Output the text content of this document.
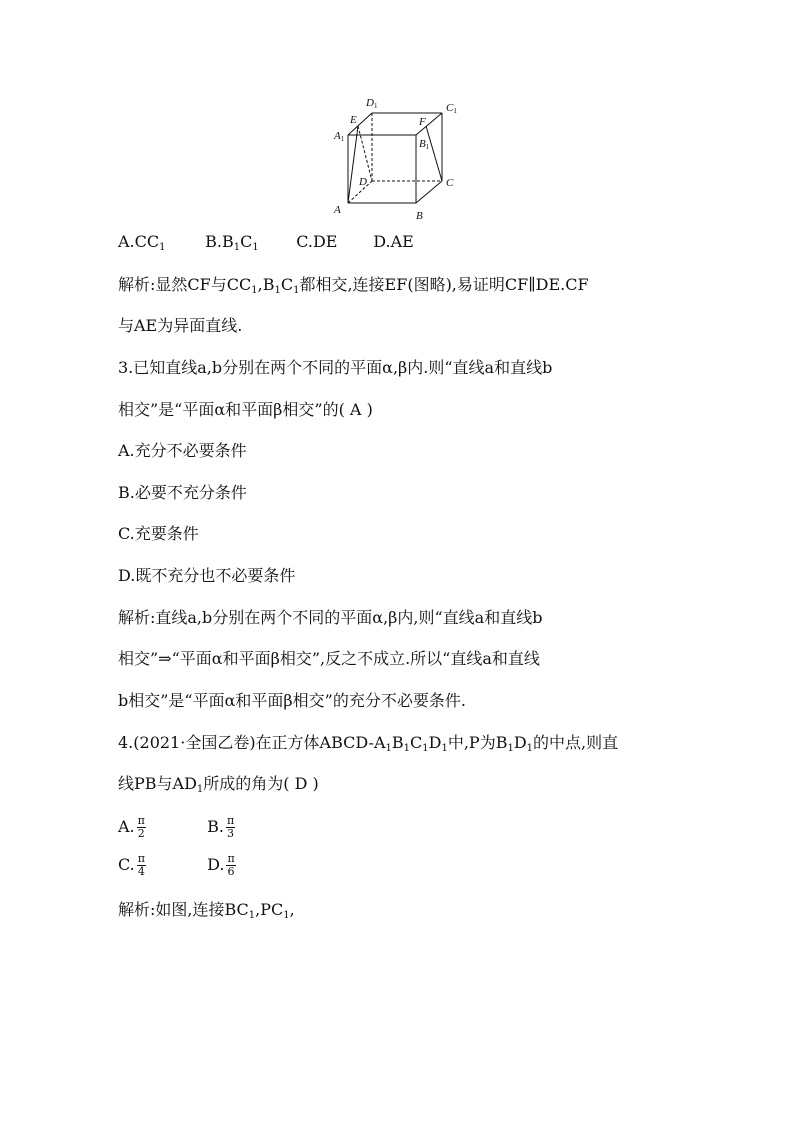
A	B
C
D
A1	B1
C1
D1
E	F
$A.CC_1$ $B.B_1C_1$ C.DE D.AE
解析:显然CF与$CC_1,B_1C_1$都相交,连接EF(图略),易证明CF∥DE.CF
与AE为异面直线.
3.已知直线a,b分别在两个不同的平面α,β内.则“直线a和直线b
相交”是“平面α和平面β相交”的( A )
A.充分不必要条件
B.必要不充分条件
C.充要条件
D.既不充分也不必要条件
解析:直线a,b分别在两个不同的平面α,β内,则“直线a和直线b
相交”⇒“平面α和平面β相交”,反之不成立.所以“直线a和直线
b相交”是“平面α和平面β相交”的充分不必要条件.
4.(2021·全国乙卷)在正方体ABCD-$A_1B_1C_1D_1$中,P为$B_1D_1$的中点,则直
线PB与$AD_1$所成的角为( D )
A. $\frac{\pi}{2}$	B. $\frac{\pi}{3}$
C. $\frac{\pi}{4}$	D. $\frac{\pi}{6}$
解析:如图,连接$BC_1,PC_1$,
